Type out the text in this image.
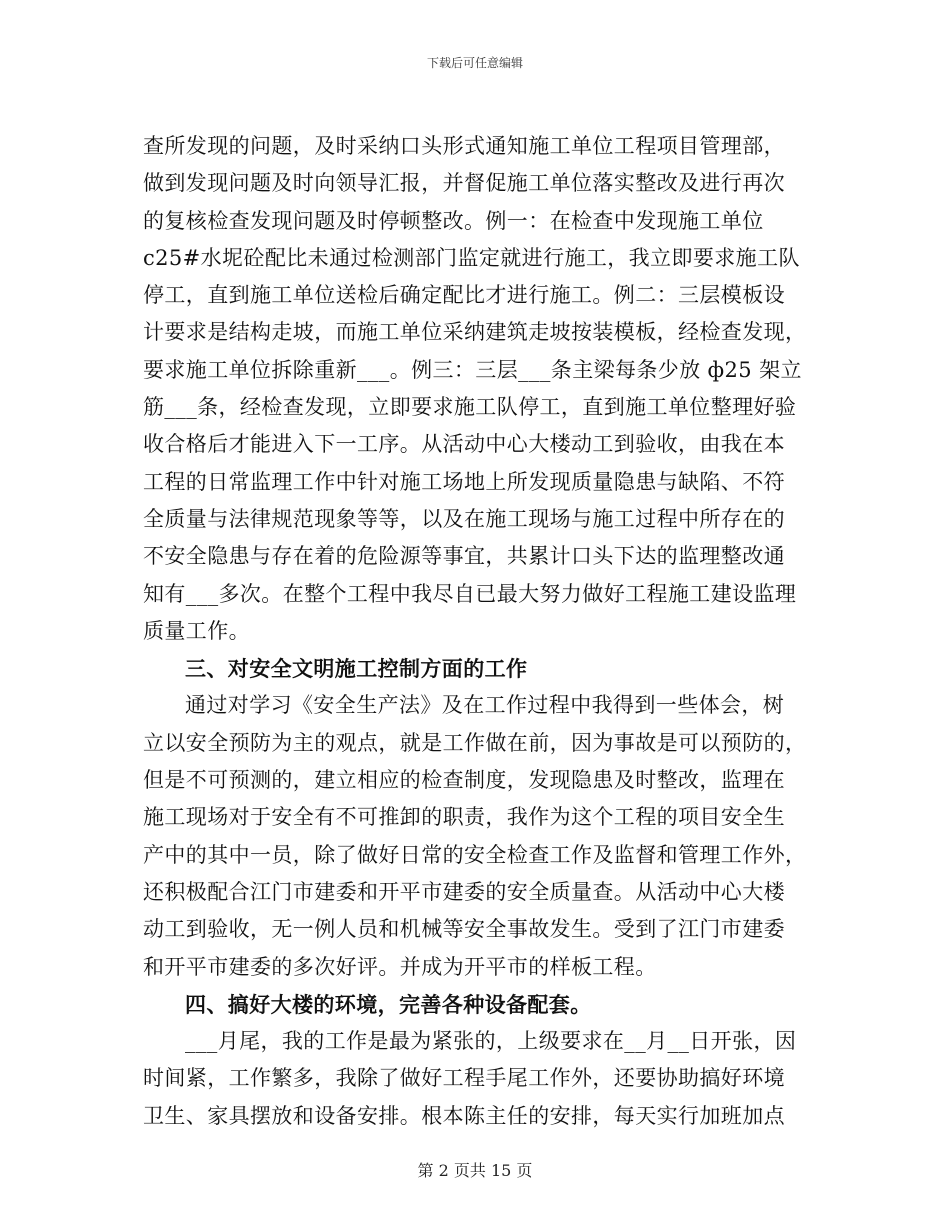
下载后可任意编辑
查所发现的问题，及时采纳口头形式通知施工单位工程项目管理部，
做到发现问题及时向领导汇报，并督促施工单位落实整改及进行再次
的复核检查发现问题及时停顿整改。例一：在检查中发现施工单位
c25#水坭砼配比未通过检测部门监定就进行施工，我立即要求施工队
停工，直到施工单位送检后确定配比才进行施工。例二：三层模板设
计要求是结构走坡，而施工单位采纳建筑走坡按装模板，经检查发现，
要求施工单位拆除重新___。例三：三层___条主梁每条少放 ф25 架立
筋___条，经检查发现，立即要求施工队停工，直到施工单位整理好验
收合格后才能进入下一工序。从活动中心大楼动工到验收，由我在本
工程的日常监理工作中针对施工场地上所发现质量隐患与缺陷、不符
全质量与法律规范现象等等，以及在施工现场与施工过程中所存在的
不安全隐患与存在着的危险源等事宜，共累计口头下达的监理整改通
知有___多次。在整个工程中我尽自已最大努力做好工程施工建设监理
质量工作。
三、对安全文明施工控制方面的工作
通过对学习《安全生产法》及在工作过程中我得到一些体会，树
立以安全预防为主的观点，就是工作做在前，因为事故是可以预防的，
但是不可预测的，建立相应的检查制度，发现隐患及时整改，监理在
施工现场对于安全有不可推卸的职责，我作为这个工程的项目安全生
产中的其中一员，除了做好日常的安全检查工作及监督和管理工作外，
还积极配合江门市建委和开平市建委的安全质量查。从活动中心大楼
动工到验收，无一例人员和机械等安全事故发生。受到了江门市建委
和开平市建委的多次好评。并成为开平市的样板工程。
四、搞好大楼的环境，完善各种设备配套。
___月尾，我的工作是最为紧张的，上级要求在__月__日开张，因
时间紧，工作繁多，我除了做好工程手尾工作外，还要协助搞好环境
卫生、家具摆放和设备安排。根本陈主任的安排，每天实行加班加点
第 2 页共 15 页
